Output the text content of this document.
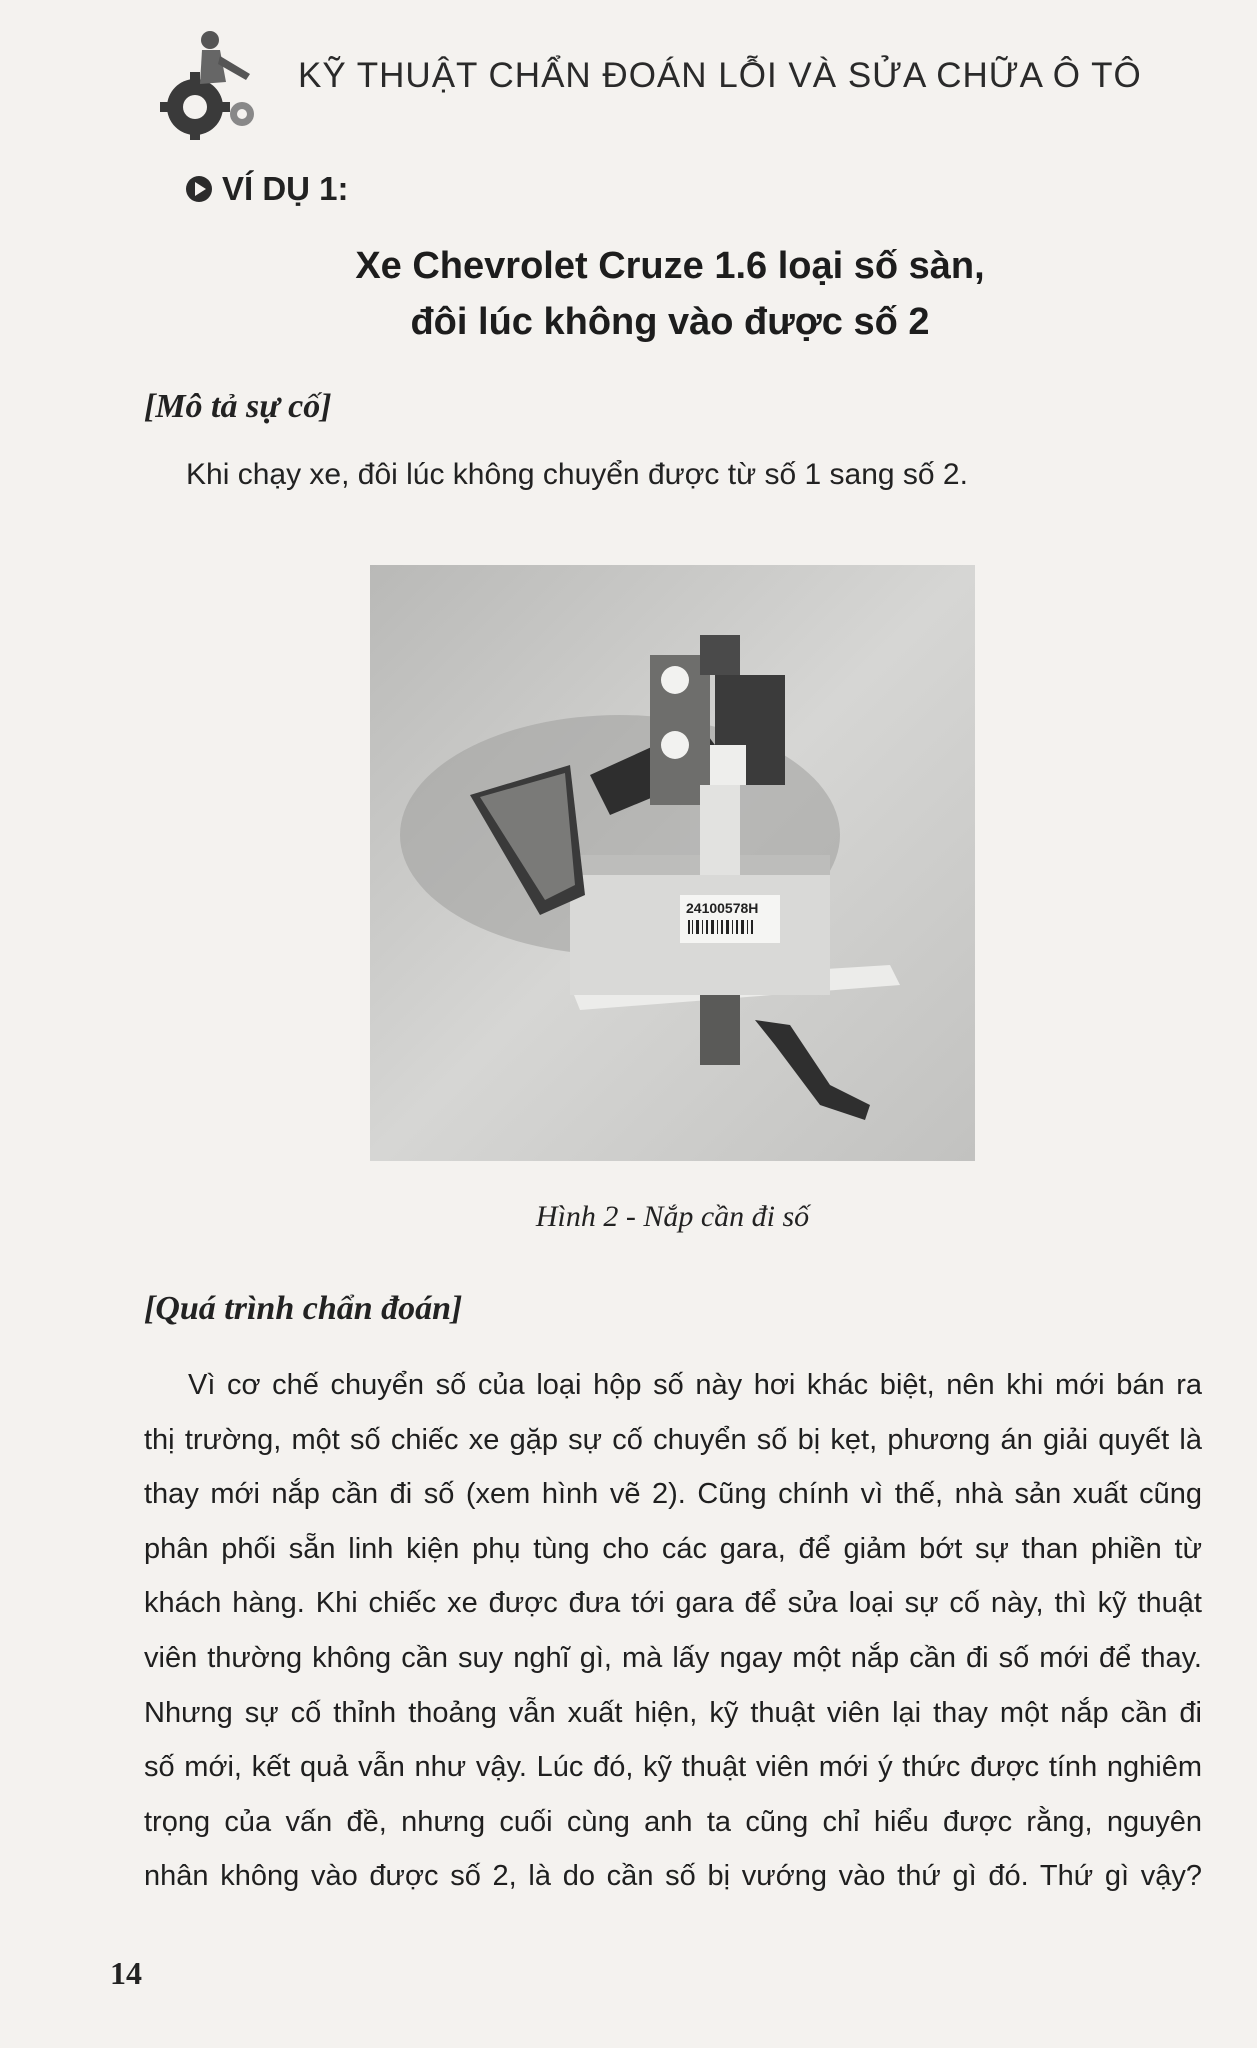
KỸ THUẬT CHẨN ĐOÁN LỖI VÀ SỬA CHỮA Ô TÔ
VÍ DỤ 1:
Xe Chevrolet Cruze 1.6 loại số sàn,
đôi lúc không vào được số 2
[Mô tả sự cố]
Khi chạy xe, đôi lúc không chuyển được từ số 1 sang số 2.
24100578H
Hình 2 - Nắp cần đi số
[Quá trình chẩn đoán]
Vì cơ chế chuyển số của loại hộp số này hơi khác biệt, nên khi mới bán ra
thị trường, một số chiếc xe gặp sự cố chuyển số bị kẹt, phương án giải quyết là
thay mới nắp cần đi số (xem hình vẽ 2). Cũng chính vì thế, nhà sản xuất cũng
phân phối sẵn linh kiện phụ tùng cho các gara, để giảm bớt sự than phiền từ
khách hàng. Khi chiếc xe được đưa tới gara để sửa loại sự cố này, thì kỹ thuật
viên thường không cần suy nghĩ gì, mà lấy ngay một nắp cần đi số mới để thay.
Nhưng sự cố thỉnh thoảng vẫn xuất hiện, kỹ thuật viên lại thay một nắp cần đi
số mới, kết quả vẫn như vậy. Lúc đó, kỹ thuật viên mới ý thức được tính nghiêm
trọng của vấn đề, nhưng cuối cùng anh ta cũng chỉ hiểu được rằng, nguyên
nhân không vào được số 2, là do cần số bị vướng vào thứ gì đó. Thứ gì vậy?
14
